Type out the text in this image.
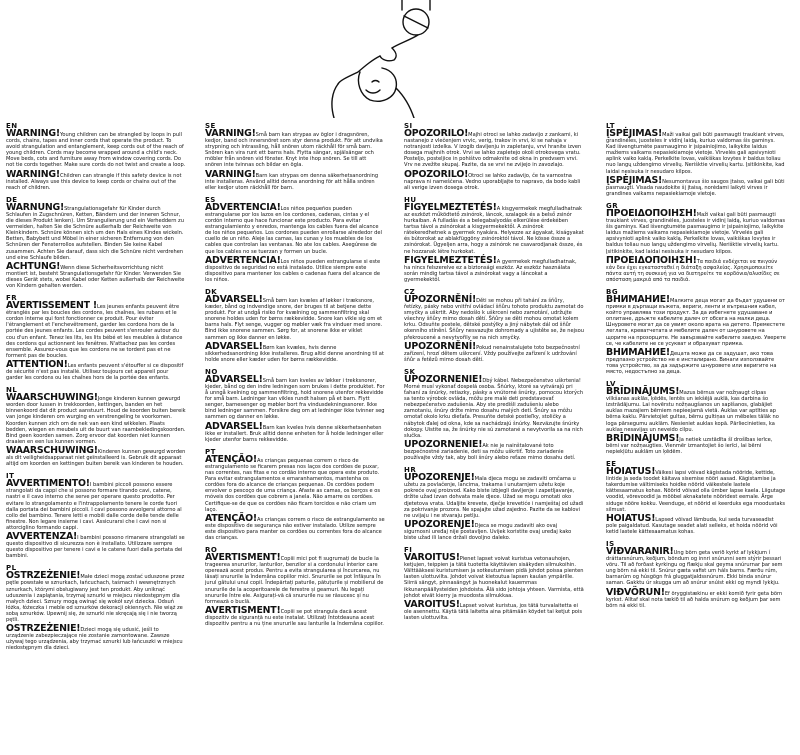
EN

WARNING!Young children can be strangled by loops in pull cords, chains, tapes and inner cords that operate the product. To avoid strangulation and entanglement, keep cords out of the reach of young children. Cords may become wrapped around a child's neck. Move beds, cots and furniture away from window covering cords. Do not tie cords together. Make sure cords do not twist and create a loop.

WARNING!Children can strangle if this safety device is not installed. Always use this device to keep cords or chains out of the reach of children.

DE

WARNUNG!Strangulationsgefahr für Kinder durch Schlaufen in Zugschnüren, Ketten, Bändern und der inneren Schnur, die dieses Produkt lenken). Um Strangulierung und ein Verheddern zu vermeiden, halten Sie die Schnüre außerhalb der Reichweite von Kleinkindern. Schnüre können sich um den Hals eines Kindes wickeln. Betten, Babybett und Möbel in einer sicheren Entfernung von den Schnüren der Fensterrollos aufstellen. Binden Sie keine Kabel zusammen. Achten Sie darauf, dass sich die Schnüre nicht verdrehen und eine Schlaufe bilden.

ACHTUNG!Wenn diese Sicherheitsvorrichtung nicht montiert ist, besteht Strangulationsgefahr für Kinder. Verwenden Sie dieses Gerät stets, wobei Kabel oder Ketten außerhalb der Reichweite von Kindern gehalten werden.

FR

AVERTISSEMENT !Les jeunes enfants peuvent être étranglés par les boucles des cordons, les chaînes, les rubans et le cordon interne qui font fonctionner ce produit. Pour éviter l'étranglement et l'enchevêtrement, garder les cordons hors de la portée des jeunes enfants. Les cordes peuvent s'enrouler autour du cou d'un enfant. Tenez les lits, les lits bébé et les meubles à distance des cordons qui actionnent les fenêtres. N'attachez pas les cordes ensemble. Assurez-vous que les cordons ne se tordent pas et ne forment pas de boucles.

ATTENTION!Les enfants peuvent s'étouffer si ce dispositif de sécurité n'est pas installé. Utilisez toujours cet appareil pour garder les cordons ou les chaînes hors de la portée des enfants.

NL

WAARSCHUWING!Jonge kinderen kunnen gewurgd worden door lussen in trekkoorden, kettingen, banden en het binnenkoord dat dit product aanstuurt. Houd de koorden buiten bereik van jonge kinderen om wurging en verstrengeling te voorkomen. Koorden kunnen zich om de nek van een kind wikkelen. Plaats bedden, wiegen en meubels uit de buurt van raambekledingskoorden. Bind geen koorden samen. Zorg ervoor dat koorden niet kunnen draaien en een lus kunnen vormen.

WAARSCHUWING!Kinderen kunnen gewurgd worden als dit veiligheidsapparaat niet geïnstalleerd is. Gebruik dit apparaat altijd om koorden en kettingen buiten bereik van kinderen te houden.

IT

AVVERTIMENTO!I bambini piccoli possono essere strangolati da cappi che si possono formare tirando cavi, catene, nastri e il cavo interno che serve per operare questo prodotto. Per evitare lo strangolamento e l'intrappolamento tenere le corde fuori dalla portata dei bambini piccoli. I cavi possono avvolgersi attorno al collo del bambino. Tenere letti e mobili dalle corde delle tende delle finestre. Non legare insieme i cavi. Assicurarsi che i cavi non si attorciglino formando cappi.

AVVERTENZA!I bambini possono rimanere strangolati se questo dispositivo di sicurezza non è installato. Utilizzare sempre questo dispositivo per tenere i cavi e le catene fuori dalla portata dei bambini.

PL

OSTRZEŻENIE!Małe dzieci mogą zostać uduszone przez pętle powstałe w sznurkach, łańcuchach, taśmach i wewnętrznych sznurkach, którymi obsługiwany jest ten produkt. Aby uniknąć uduszenia i zaplątania, trzymaj sznurki w miejscu niedostępnym dla małych dzieci. Sznury mogą owinąć się wokół szyi dziecka. Odsuń łóżka, łóżeczka i meble od sznurków dekoracji okiennych. Nie wiąż ze sobą sznurków. Upewnij się, że sznurki nie skręcają się i nie tworzą pętli.

OSTRZEŻENIE!Dzieci mogą się udusić, jeśli to urządzenie zabezpieczające nie zostanie zamontowane. Zawsze używaj tego urządzenia, aby trzymać sznurki lub łańcuszki w miejscu niedostępnym dla dzieci.

SE

VARNING!Små barn kan strypas av öglor i dragsnören, kedjor, band och innersnöret som styr denna produkt. För att undvika strypning och intrassling, håll snören utom räckhåll för små barn. Snören kan vira runt ett barns hals. Flytta sängar, spjälsängar och möbler från snören vid fönster. Knyt inte ihop snören. Se till att snören inte tvinnas och bildar en ögla.

VARNING!Barn kan strypas om denna säkerhetsanordning inte installeras. Använd alltid denna anordning för att hålla snören eller kedjor utom räckhåll för barn.

ES

ADVERTENCIA!Los niños pequeños pueden estrangularse por los lazos en los cordones, cadenas, cintas y el cordón interno que hace funcionar este producto. Para evitar estrangulamiento y enredos, mantenga los cables fuera del alcance de los niños pequeños. Los cordones pueden enrollarse alrededor del cuello de un niño. Aleje las camas, las cunas y los muebles de los cables que controlan las ventanas. No ate los cables. Asegúrese de que los cables no se tuerzan y formen un bucle.

ADVERTENCIA!Los niños pueden estrangularse si este dispositivo de seguridad no está instalado. Utilice siempre este dispositivo para mantener los cables o cadenas fuera del alcance de los niños.

DK

ADVARSEL!Små børn kan kvæles af løkker i træksnore, kæder, bånd og indvendige snore, der bruges til at betjene dette produkt. For at undgå risiko for kvælning og sammenfiltring skal snorene holdes uden for børns rækkevidde. Snore kan vikle sig om et barns hals. Flyt senge, vugger og møbler væk fra vinduer med snore. Bind ikke snorene sammen. Sørg for, at snorene ikke er viklet sammen og ikke danner en løkke.

ADVARSEL!Børn kan kvæles, hvis denne sikkerhedsanordning ikke installeres. Brug altid denne anordning til at holde snore eller kæder uden for børns rækkevidde.

NO

ADVARSEL!Små barn kan kveles av løkker i trekksnorer, kjeder, bånd og den indre ledningen som brukes i dette produktet. For å unngå kvelning og sammenfiltring, hold snorene utenfor rekkevidde for små barn. Ledninger kan vikles rundt halsen på et barn. Flytt senger, barnesenger og møbler bort fra vindusdekningssnorer. Ikke bind ledninger sammen. Forsikre deg om at ledninger ikke tvinner seg sammen og danner en løkke.

ADVARSEL!Barn kan kveles hvis denne sikkerhetsenheten ikke er installert. Bruk alltid denne enheten for å holde ledninger eller kjeder utenfor barns rekkevidde.

PT

ATENÇÃO!As crianças pequenas correm o risco de estrangulamento se ficarem presas nos laços dos cordões de puxar, nas correntes, nas fitas e no cordão interno que opera este produto. Para evitar estrangulamentos e emaranhamentos, mantenha os cordões fora do alcance de crianças pequenas. Os cordões podem envolver o pescoço de uma criança. Afaste as camas, os berços e os móveis dos cordões que cobrem a janela. Não amarre os cordões. Certifique-se de que os cordões não ficam torcidos e não criam um laço.

ATENÇÃO!As crianças correm o risco de estrangulamento se este dispositivo de segurança não estiver instalado. Utilize sempre este dispositivo para manter os cordões ou correntes fora do alcance das crianças.

RO

AVERTISMENT!Copiii mici pot fi sugrumați de bucle la trageerea snururilor, lanturilor, benzilor si a cordonului interior care operează acest produs. Pentru a evita strangularea și încurcarea, nu lăsați snururile la îndemâna copiilor mici. Snururile se pot înfășura în jurul gâtului unui copil. Îndepărtați paturile, pătuțurile și mobilierul de snururile de la acoperitoarele de ferestre și geamuri. Nu legați snururile între ele. Asigurați-vă că snururile nu se răsucesc și nu formează o buclă.

AVERTISMENT!Copiii se pot strangula dacă acest dispozitiv de siguranță nu este instalat. Utilizați întotdeauna acest dispozitiv pentru a nu ține snururile sau lanturile la îndemâna copiilor.

SI

OPOZORILO!Majhi otroci se lahko zadavijo z zankami, ki nastanejo z vlečenjem vrvic, verig, trakov in vrvi, ki se nahaja v notranjosti izdelka. V izogib davljenju in zapletanju, vrvi hranite izven dosega majhnih otrok. Vrvi se lahko zapletejo okoli otrokovega vratu. Posteljo, posteljice in pohištvo odmaknite od okna in predvsem vrvi. Vrv ne zvežite skupaj. Pazite, da se vrvi ne zvijejo in zavozlajo.

OPOZORILO!Otroci se lahko zadavijo, če ta varnostna naprava ni nameščena. Vedno uporabljajte to napravo, da bodo kabli ali verige izven dosega otrok.

HU

FIGYELMEZTETÉS!A kisgyermekek megfulladhatnak az eszközt működtető zsinórok, láncok, szalagok és a belső zsinór hurkaiban. A fulladás és a belegabalyodás elkerülése érdekében tartsa távol a zsinórokat a kisgyermekektől. A zsinórok rátekeredhetnek a gyermek nyakára. Helyezze az ágyakat, kiságyakat és bútorokat az ablakfüggöny zsinóroktól távol. Ne kösse össze a zsinórokat. Ügyeljen arra, hogy a zsinórok ne csavarodjanak össze, és ne hozzanak létre hurkokat.

FIGYELMEZTETÉS!A gyermekek megfulladhatnak, ha nincs felszerelve ez a biztonsági eszköz. Az eszköz használata során mindig tartsa távol a zsinórokat vagy a láncokat a gyermekektől.

CZ

UPOZORNĚNÍ!Děti se mohou při tahání za šňůry, řetízky, pásky nebo vnitřní ovládací šňůru tohoto produktu zamotat do smyčky a uškrtit. Aby nedošlo k uškrcení nebo zamotání, udržujte všechny šňůry mimo dosah dětí. Šňůry se děti mohou omotat kolem krku. Odsuňte postele, dětské postýlky a jiný nábytek dál od šňůr okenního stínění. Šňůry nesvazujte dohromady a ujistěte se, že nejsou překroucené a nevytvořily se na nich smyčky.

UPOZORNĚNÍ!Pokud nenainstalujete toto bezpečnostní zařízení, hrozí dětem uškrcení. Vždy používejte zařízení k udržování šňůr a řetězů mimo dosah dětí.

SK

UPOZORNENIE!Dbý kábel. Nebezpečenstvo uškrtenia! Morné musí vykonať dospelá osoba. Šňúrky, ktoré sa vytvárajú pri ťahaní za šnúrky, retiazky, pásky a vnútorné šnúrky, pomocou ktorých sa tento výrobok ovláda, môžu pre malé deti predstavovať nebezpečenstvo zadušenia. Aby ste predišli zadušeniu alebo zamotaniu, šnúry držte mimo dosahu malých detí. Šnúry sa môžu omotať okolo krku dieťaťa. Presuňte detské postieľky, stoličky a nábytok ďalej od okna, kde sa nachádzajú šnúrky. Nezväzujte šnúrky dokopy. Uistite sa, že šnúrky nie sú zamotané a nevytvorila sa na nich slučka.

UPOZORNENIE!Ak nie je nainštalované toto bezpečnostné zariadenie, deti sa môžu uškrtiť. Toto zariadenie používajte vždy tak, aby boli šnúry alebo reťaze mimo dosahu detí.

HR

UPOZORENJE!Mala djeca mogu se zadaviti omčama u užetu za povlačenje, lancima, trakama i unutarnjem užetu koje pokreće ovaj proizvod. Kako biste izbjegli davljenje i zapetljavanje, držite užad izvan dohvata male djece. Užad se mogu omotati oko djetetova vrata. Udaljite krevete, dječje krevetiće i namještaj od užadi za pokrivanje prozora. Ne spajajte užad zajedno. Pazite da se kablovi ne uvijaju i ne stvaraju petlju.

UPOZORENJE!Djeca se mogu zadaviti ako ovaj sigurnosni uređaj nije postavljen. Uvijek koristite ovaj uređaj kako biste užad ili lance držali dovoljno daleko.

FI

VAROITUS!Pienet lapset voivat kuristua vetonauhojen, ketjujen, teippien ja tätä tuotetta käyttävien sisäkyden silmukoihin. Välttääksesi kuristumisen ja sotkeutumisen pidä johdot poissa pienten lasten ulottuvilta. Johdot voivat kietoutua lapsen kaulan ympärille. Siirrä sängyt, pinnasängyt ja huonekalut kauemmas ikkunanpäällysteiden johdoista. Älä sido johtoja yhteen. Varmista, että johdot eivät kierry ja muodosta silmukkaa.

VAROITUS!Lapset voivat kuristua, jos tätä turvalaitetta ei ole asennettu. Käytä tätä laitetta aina pitämään köydet tai ketjut pois lasten ulottuvilta.

LT

ĮSPĖJIMAS!Maži vaikai gali būti pasmaugti traukiant virves, grandinėles, juosteles ir vidinį laidą, kuriuo valdomas šis gaminys. Kad išvengtumėte pasmaugimo ir įsipainiojimo, laikykite laidus mažiems vaikams nepasiekiamoje vietoje. Virvelės gali apsivynioti aplink vaiko kaklą. Perkelkite lovas, vaikiškas lovytes ir baldus toliau nuo langų uždengimo virvelių. Nerišktie virvelių kartu. Įsitikinkite, kad laidai nesisuka ir nesudaro kilpos.

ĮSPĖJIMAS!Nesumontavus šio saugos įtaiso, vaikai gali būti pasmaugti. Visada naudokite šį įtaisą, norėdami laikyti virves ir grandines vaikams nepasiekiamoje vietoje.

GR

ΠΡΟΕΙΔΟΠΟΙΗΣΗ!Maži vaikai gali būti pasmaugti traukiant virves, grandinėles, juosteles ir vidinį laidą, kuriuo valdomas šis gaminys. Kad išvengtumėte pasmaugimo ir įsipainiojimo, laikykite laidus mažiems vaikams nepasiekiamoje vietoje. Virvelės gali apsivynioti aplink vaiko kaklą. Perkelkite lovas, vaikiškas lovytes ir baldus toliau nuo langų uždengimo virvelių. Nerišktie virvelių kartu. Įsitikinkite, kad laidai nesisuka ir nesudaro kilpos.

ΠΡΟΕΙΔΟΠΟΙΗΣΗ!Τα παιδιά ενδέχεται να πνιγούν εάν δεν έχει εγκατασταθεί η διάταξη ασφαλείας. Χρησιμοποιείτε πάντα αυτή τη συσκευή για να διατηρείτε τα κορδόνια/αλυσίδες σε απόσταση μακριά από τα παιδιά.

BG

ВНИМАНИЕ!Малките деца могат да бъдат удушени от примки в дърпащи въжета, вериги, ленти и вътрешния кабел, който управлява този продукт. За да избегнете удушаване и оплитане, дръжте кабелите далеч от обсега на малки деца. Шнуровете могат да се увият около врата на детето. Преместете леглата, креватчетата и мебелите далеч от шнуровете на щорите на прозорците. Не завързвайте кабелите заедно. Уверете се, че кабелите не се усукват и образуват примка.

ВНИМАНИЕ!Децата може да се задушат, ако това предпазно устройство не е инсталирано. Винаги използвайте това устройство, за да задържите шнуровете или веригите на място, недостъпно за деца.

LV

BRĪDINĀJUMS!Mazus bērnus var nožņaugt cilpas vilkšanas auklās, ķēdēs, lentēs un iekšējā auklā, kas darbina šo izstrādājumu. Lai novērstu nožņaugšanos un sapīšanos, glabājiet auklas mazajiem bērniem nepieejamā vietā. Auklas var aptīties ap bērna kaklu. Pārvietojiet gultas, bērnu gultiņas un mēbeles tālāk no loga pārsegumu auklām. Nesieniet auklas kopā. Pārliecinieties, ka auklas nesavijas un neveido cilpu.

BRĪDINĀJUMS!Ja netiek uzstādīta šī drošības ierīce, bērni var nožņaugties. Vienmēr izmantojiet šo ierīci, lai bērni nepiekļūtu auklām un ķēdēm.

EE

HOIATUS!Väikesi lapsi võivad kägistada nööride, kettide, lintide ja seda toodet käitava sisemise nööri aasad. Kägistamise ja takerdumise vältimiseks hoidke nöörid väikestele lastele kättesaamatus kohas. Nöörid võivad olla ümber lapse kaela. Liigutage voodid, võrevoodid ja mööbel aknakatete nööridest eemale. Ärge siduge nööre kokku. Veenduge, et nöörid ei keerduks ega moodustaks silmust.

HOIATUS!Lapsed võivad lämbuda, kui seda turvaseadist pole paigaldatud. Kasutage seadet alati selleks, et hoida nöörid või ketid lastele kättesaamatus kohas.

IS

VIÐVARANIR!Ung börn geta verið kyrkt af lykkjum í dráttarsnúrum, keðjum, böndum og innri snúrunni sem stýrir þessari vöru. Til að forðast kyrkingu og flækju skal geyma snúrurnar þar sem ung börn ná ekki til. Snúrur gæta vafist um háls barns. Færðu rúm, barnarúm og húsgögn frá gluggatjaldssnúrum. Ekki binda snúrur saman. Gakktu úr skugga um að snúrur snúist ekki og myndi lykkju.

VIÐVÖRUN!Ef öryggistækinu er ekki komið fyrir geta börn kyrkst. Alltaf skal nota tækið til að halda snúrum og keðjum þar sem börn ná ekki til.
